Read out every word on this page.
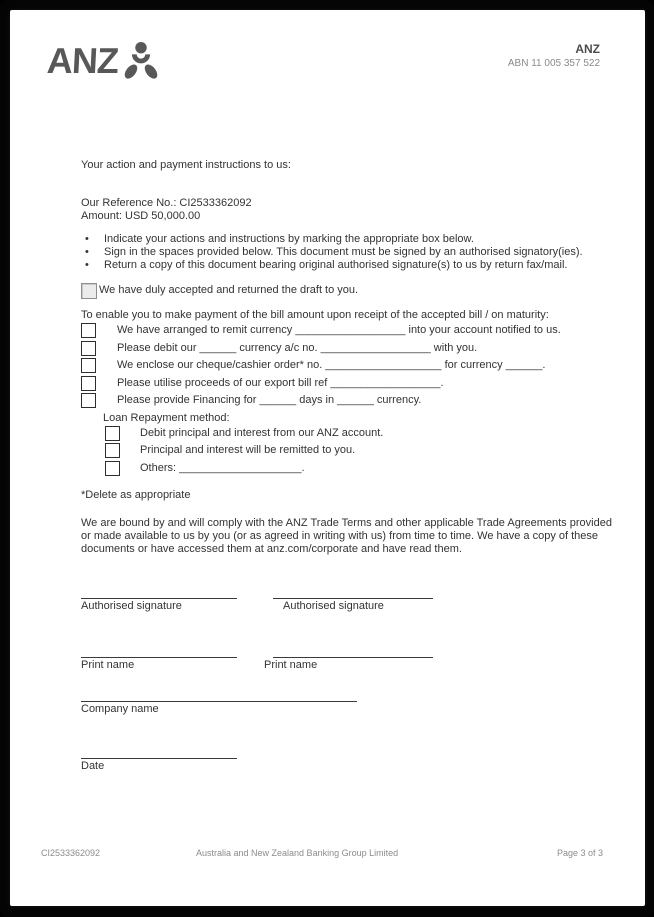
ANZ	ANZ
ABN 11 005 357 522
Your action and payment instructions to us:
Our Reference No.: CI2533362092
Amount: USD 50,000.00
•	Indicate your actions and instructions by marking the appropriate box below.
•	Sign in the spaces provided below. This document must be signed by an authorised signatory(ies).
•	Return a copy of this document bearing original authorised signature(s) to us by return fax/mail.
We have duly accepted and returned the draft to you.
To enable you to make payment of the bill amount upon receipt of the accepted bill / on maturity:
We have arranged to remit currency __________________ into your account notified to us.
Please debit our ______ currency a/c no. __________________ with you.
We enclose our cheque/cashier order* no. ___________________ for currency ______.
Please utilise proceeds of our export bill ref __________________.
Please provide Financing for ______ days in ______ currency.
Loan Repayment method:
Debit principal and interest from our ANZ account.
Principal and interest will be remitted to you.
Others: ____________________.
*Delete as appropriate
We are bound by and will comply with the ANZ Trade Terms and other applicable Trade Agreements provided or made available to us by you (or as agreed in writing with us) from time to time. We have a copy of these documents or have accessed them at anz.com/corporate and have read them.
Authorised signature	Authorised signature
Print name	Print name
Company name
Date
CI2533362092	Australia and New Zealand Banking Group Limited	Page 3 of 3
